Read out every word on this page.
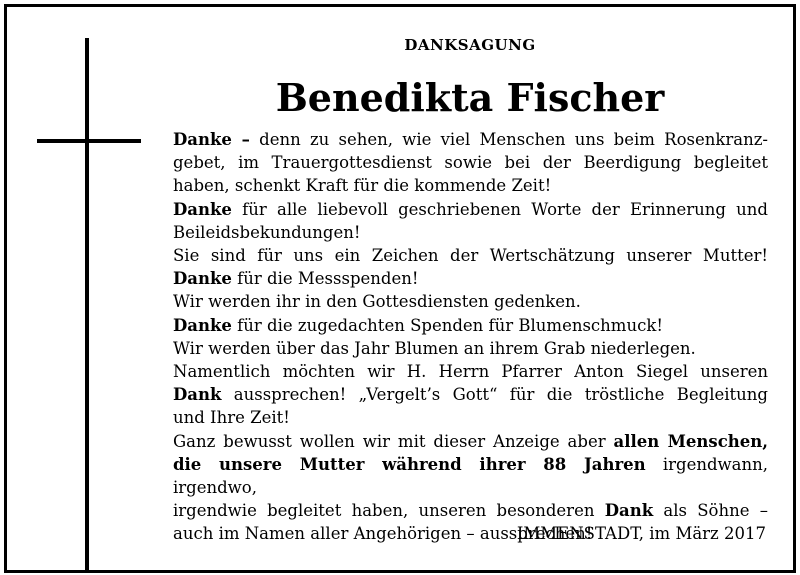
DANKSAGUNG
Benedikta Fischer
Danke – denn zu sehen, wie viel Menschen uns beim Rosenkranz-
gebet, im Trauergottesdienst sowie bei der Beerdigung begleitet
haben, schenkt Kraft für die kommende Zeit!
Danke für alle liebevoll geschriebenen Worte der Erinnerung und
Beileidsbekundungen!
Sie sind für uns ein Zeichen der Wertschätzung unserer Mutter!
Danke für die Messspenden!
Wir werden ihr in den Gottesdiensten gedenken.
Danke für die zugedachten Spenden für Blumenschmuck!
Wir werden über das Jahr Blumen an ihrem Grab niederlegen.
Namentlich möchten wir H. Herrn Pfarrer Anton Siegel unseren
Dank aussprechen! „Vergelt’s Gott“ für die tröstliche Begleitung
und Ihre Zeit!
Ganz bewusst wollen wir mit dieser Anzeige aber allen Menschen,
die unsere Mutter während ihrer 88 Jahren irgendwann, irgendwo,
irgendwie begleitet haben, unseren besonderen Dank als Söhne –
auch im Namen aller Angehörigen – aussprechen!
IMMENSTADT, im März 2017
